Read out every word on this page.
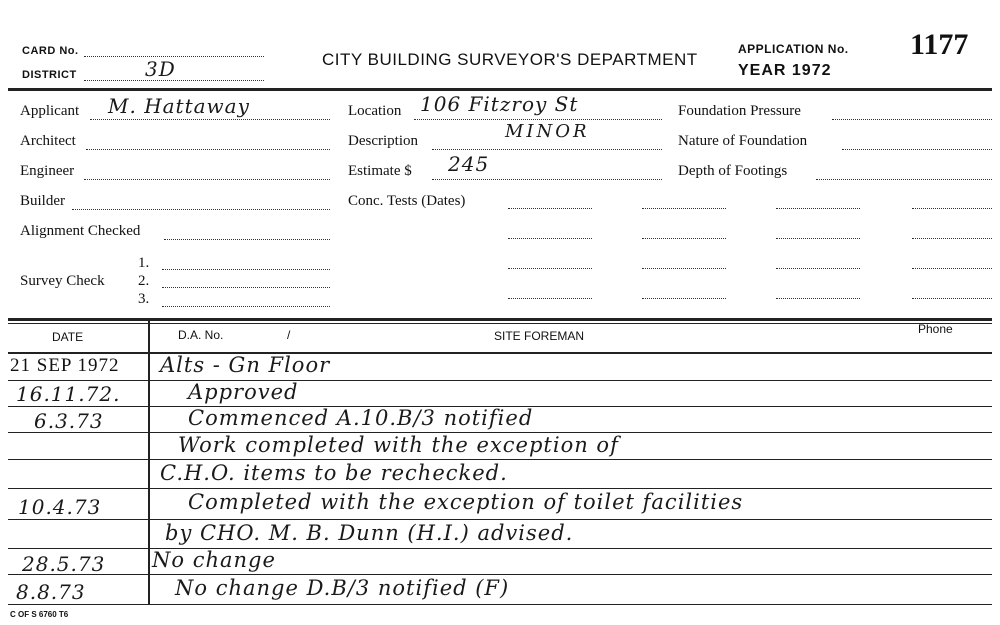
CARD No.
DISTRICT	3D	CITY BUILDING SURVEYOR'S DEPARTMENT
APPLICATION No.
YEAR 1972
1177
Applicant M. Hattaway
Architect
Engineer
Builder
Alignment Checked
Survey Check
1.
2.
3.
Location 106 Fitzroy St
Description	MINOR
Estimate $ 245
Conc. Tests (Dates)
Foundation Pressure
Nature of Foundation
Depth of Footings
DATE	D.A. No.	/	SITE FOREMAN	Phone
21 SEP 1972 Alts - Gn Floor
16.11.72.	Approved
6.3.73	Commenced A.10.B/3 notified
Work completed with the exception of
C.H.O. items to be rechecked.
10.4.73	Completed with the exception of toilet facilities
by CHO. M. B. Dunn (H.I.) advised.
28.5.73 No change
8.8.73	No change D.B/3 notified (F)
C OF S 6760 T6
